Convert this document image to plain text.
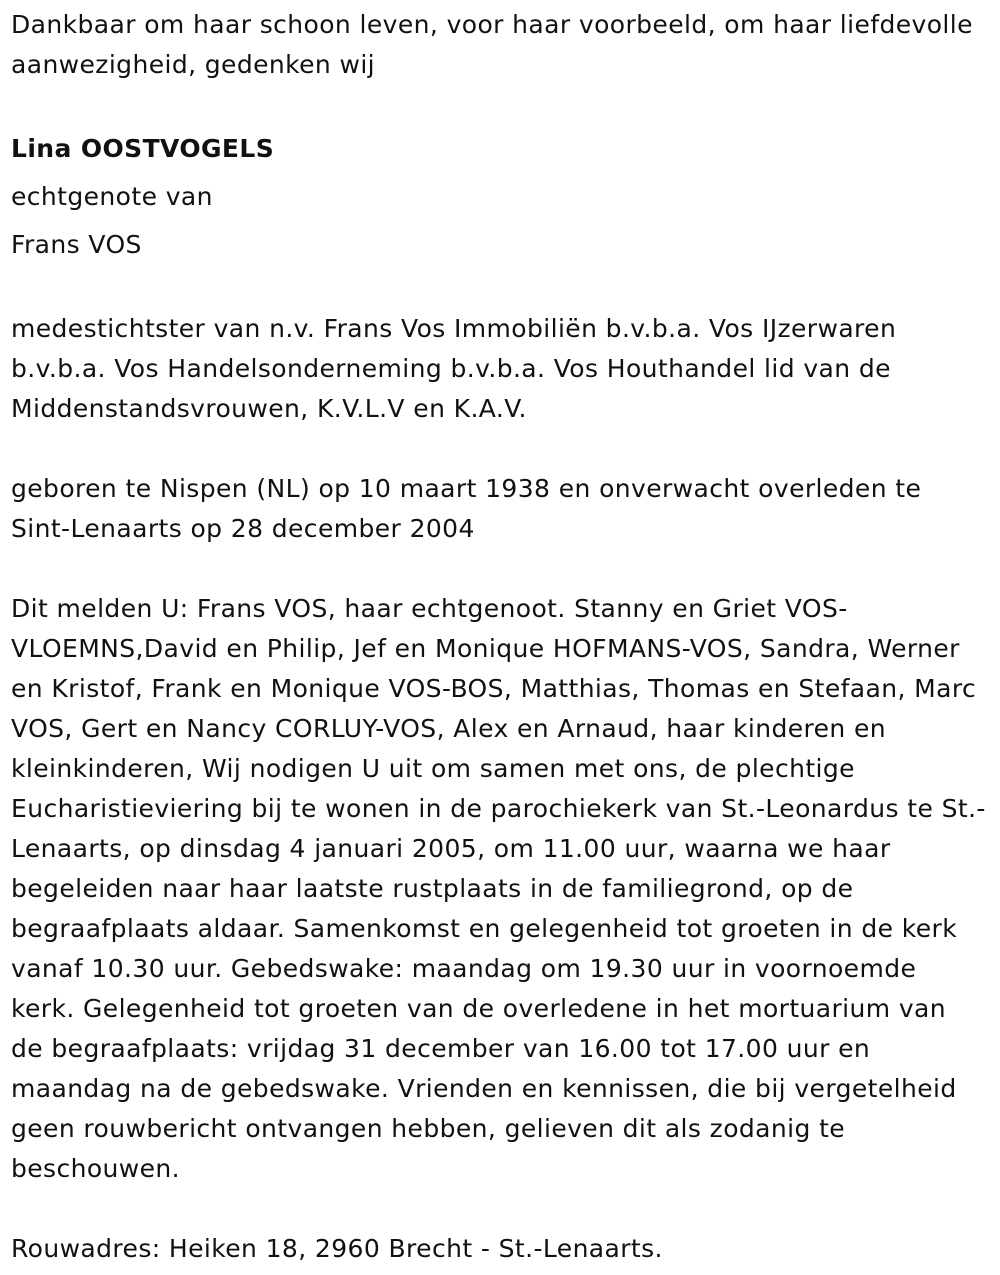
Dankbaar om haar schoon leven, voor haar voorbeeld, om haar liefdevolle aanwezigheid, gedenken wij

Lina OOSTVOGELS

echtgenote van

Frans VOS

medestichtster van n.v. Frans Vos Immobiliën b.v.b.a. Vos IJzerwaren b.v.b.a. Vos Handelsonderneming b.v.b.a. Vos Houthandel lid van de Middenstandsvrouwen, K.V.L.V en K.A.V.

geboren te Nispen (NL) op 10 maart 1938 en onverwacht overleden te Sint-Lenaarts op 28 december 2004

Dit melden U: Frans VOS, haar echtgenoot. Stanny en Griet VOS-VLOEMNS,David en Philip, Jef en Monique HOFMANS-VOS, Sandra, Werner en Kristof, Frank en Monique VOS-BOS, Matthias, Thomas en Stefaan, Marc VOS, Gert en Nancy CORLUY-VOS, Alex en Arnaud, haar kinderen en kleinkinderen, Wij nodigen U uit om samen met ons, de plechtige Eucharistieviering bij te wonen in de parochiekerk van St.-Leonardus te St.-Lenaarts, op dinsdag 4 januari 2005, om 11.00 uur, waarna we haar begeleiden naar haar laatste rustplaats in de familiegrond, op de begraafplaats aldaar. Samenkomst en gelegenheid tot groeten in de kerk vanaf 10.30 uur. Gebedswake: maandag om 19.30 uur in voornoemde kerk. Gelegenheid tot groeten van de overledene in het mortuarium van de begraafplaats: vrijdag 31 december van 16.00 tot 17.00 uur en maandag na de gebedswake. Vrienden en kennissen, die bij vergetelheid geen rouwbericht ontvangen hebben, gelieven dit als zodanig te beschouwen.

Rouwadres: Heiken 18, 2960 Brecht - St.-Lenaarts.
